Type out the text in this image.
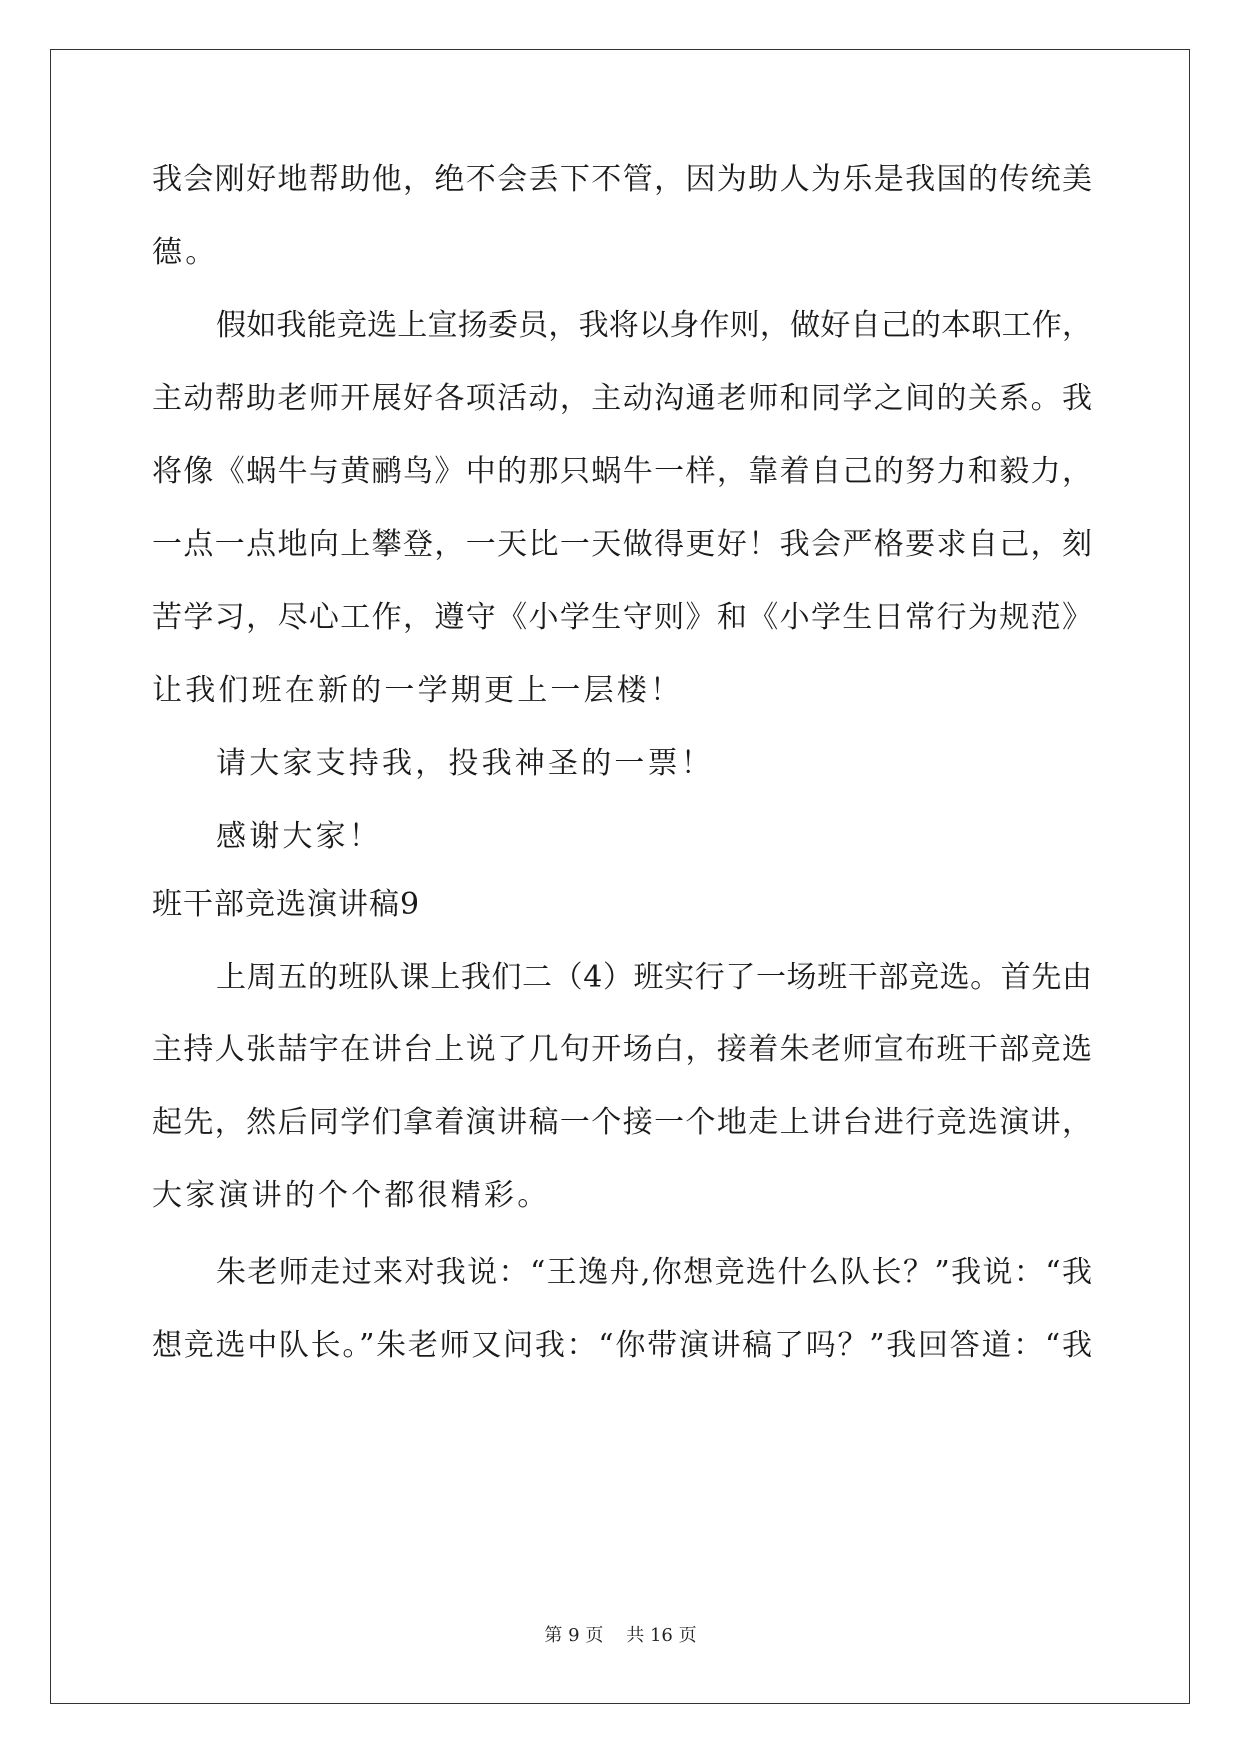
我会刚好地帮助他，绝不会丢下不管，因为助人为乐是我国的传统美
德。
假如我能竞选上宣扬委员，我将以身作则，做好自己的本职工作，
主动帮助老师开展好各项活动，主动沟通老师和同学之间的关系。我
将像《蜗牛与黄鹂鸟》中的那只蜗牛一样，靠着自己的努力和毅力，
一点一点地向上攀登，一天比一天做得更好！我会严格要求自己，刻
苦学习，尽心工作，遵守《小学生守则》和《小学生日常行为规范》
让我们班在新的一学期更上一层楼！
请大家支持我，投我神圣的一票！
感谢大家！
班干部竞选演讲稿9
上周五的班队课上我们二（4）班实行了一场班干部竞选。首先由
主持人张喆宇在讲台上说了几句开场白，接着朱老师宣布班干部竞选
起先，然后同学们拿着演讲稿一个接一个地走上讲台进行竞选演讲，
大家演讲的个个都很精彩。
朱老师走过来对我说：“王逸舟,你想竞选什么队长？”我说：“我
想竞选中队长。”朱老师又问我：“你带演讲稿了吗？”我回答道：“我
第 9 页 共 16 页
